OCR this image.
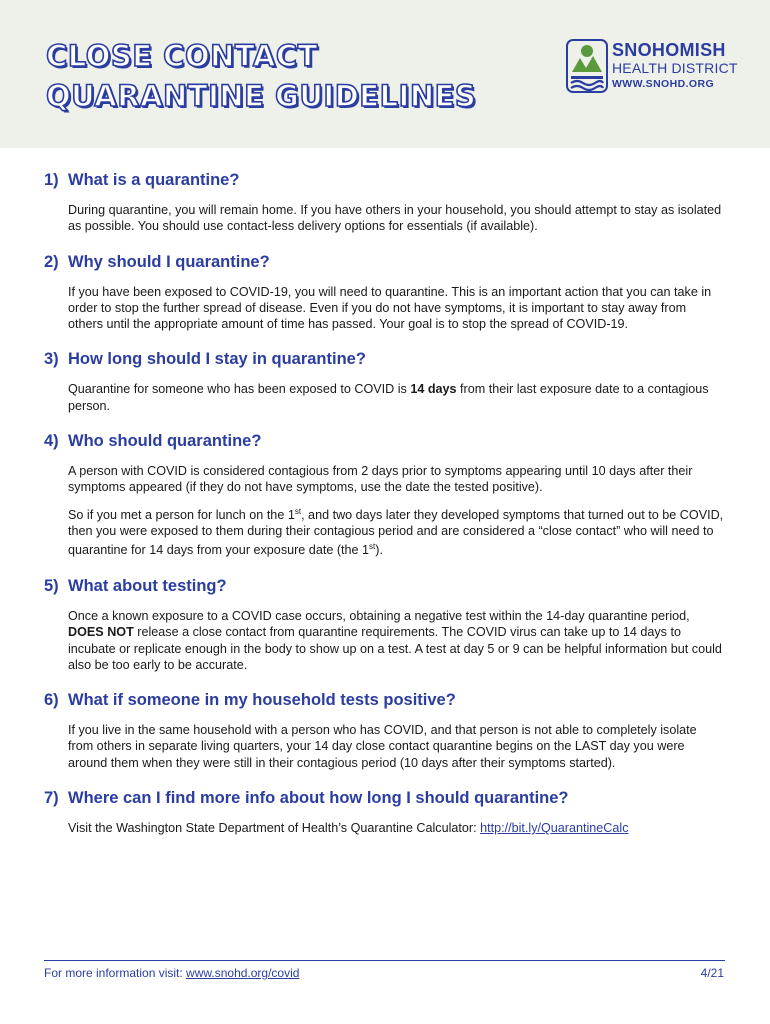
CLOSE CONTACT
QUARANTINE GUIDELINES
SNOHOMISH
HEALTH DISTRICT
WWW.SNOHD.ORG
1) What is a quarantine?

During quarantine, you will remain home. If you have others in your household, you should attempt to stay as isolated as possible. You should use contact-less delivery options for essentials (if available).

2) Why should I quarantine?

If you have been exposed to COVID-19, you will need to quarantine. This is an important action that you can take in order to stop the further spread of disease. Even if you do not have symptoms, it is important to stay away from others until the appropriate amount of time has passed. Your goal is to stop the spread of COVID-19.

3) How long should I stay in quarantine?

Quarantine for someone who has been exposed to COVID is 14 days from their last exposure date to a contagious person.

4) Who should quarantine?

A person with COVID is considered contagious from 2 days prior to symptoms appearing until 10 days after their symptoms appeared (if they do not have symptoms, use the date the tested positive).

So if you met a person for lunch on the 1st, and two days later they developed symptoms that turned out to be COVID, then you were exposed to them during their contagious period and are considered a “close contact” who will need to quarantine for 14 days from your exposure date (the 1st).

5) What about testing?

Once a known exposure to a COVID case occurs, obtaining a negative test within the 14-day quarantine period, DOES NOT release a close contact from quarantine requirements. The COVID virus can take up to 14 days to incubate or replicate enough in the body to show up on a test. A test at day 5 or 9 can be helpful information but could also be too early to be accurate.

6) What if someone in my household tests positive?

If you live in the same household with a person who has COVID, and that person is not able to completely isolate from others in separate living quarters, your 14 day close contact quarantine begins on the LAST day you were around them when they were still in their contagious period (10 days after their symptoms started).

7) Where can I find more info about how long I should quarantine?

Visit the Washington State Department of Health’s Quarantine Calculator: http://bit.ly/QuarantineCalc

For more information visit: www.snohd.org/covid	4/21
